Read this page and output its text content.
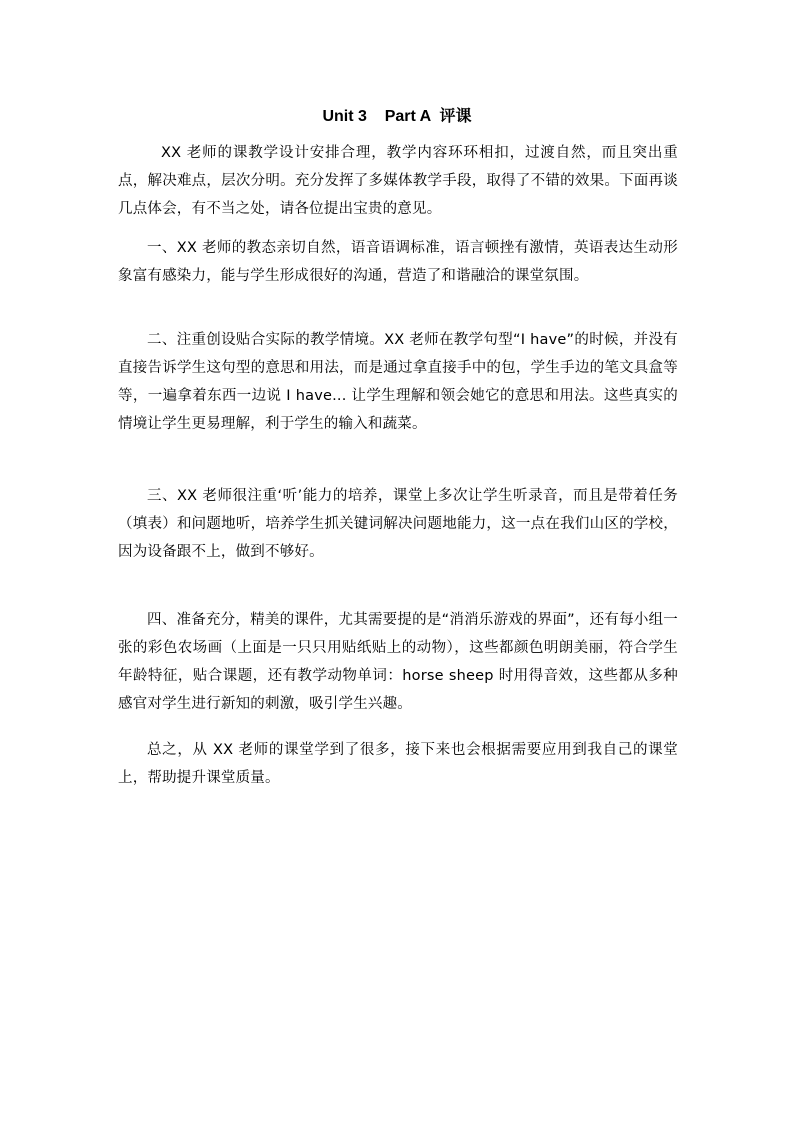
Unit 3    Part A  评课

XX 老师的课教学设计安排合理，教学内容环环相扣，过渡自然，而且突出重点，解决难点，层次分明。充分发挥了多媒体教学手段，取得了不错的效果。下面再谈几点体会，有不当之处，请各位提出宝贵的意见。

一、XX 老师的教态亲切自然，语音语调标准，语言顿挫有激情，英语表达生动形象富有感染力，能与学生形成很好的沟通，营造了和谐融洽的课堂氛围。

二、注重创设贴合实际的教学情境。XX 老师在教学句型“I have”的时候，并没有直接告诉学生这句型的意思和用法，而是通过拿直接手中的包，学生手边的笔文具盒等等，一遍拿着东西一边说 I have... 让学生理解和领会她它的意思和用法。这些真实的情境让学生更易理解，利于学生的输入和蔬菜。

三、XX 老师很注重‘听’能力的培养，课堂上多次让学生听录音，而且是带着任务（填表）和问题地听，培养学生抓关键词解决问题地能力，这一点在我们山区的学校，因为设备跟不上，做到不够好。

四、准备充分，精美的课件，尤其需要提的是“消消乐游戏的界面”，还有每小组一张的彩色农场画（上面是一只只用贴纸贴上的动物），这些都颜色明朗美丽，符合学生年龄特征，贴合课题，还有教学动物单词：horse sheep 时用得音效，这些都从多种感官对学生进行新知的刺激，吸引学生兴趣。

总之，从 XX 老师的课堂学到了很多，接下来也会根据需要应用到我自己的课堂上，帮助提升课堂质量。
